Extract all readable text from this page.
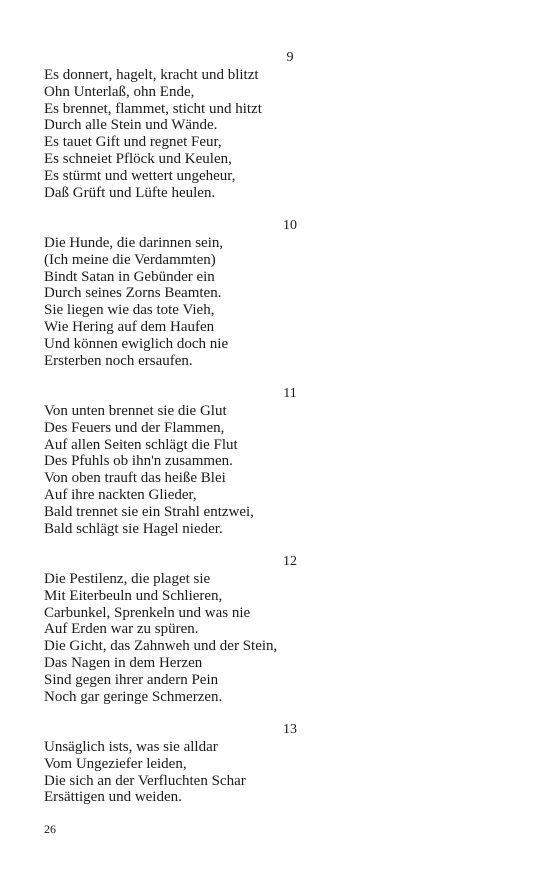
9
Es donnert, hagelt, kracht und blitzt
Ohn Unterlaß, ohn Ende,
Es brennet, flammet, sticht und hitzt
Durch alle Stein und Wände.
Es tauet Gift und regnet Feur,
Es schneiet Pflöck und Keulen,
Es stürmt und wettert ungeheur,
Daß Grüft und Lüfte heulen.
10
Die Hunde, die darinnen sein,
(Ich meine die Verdammten)
Bindt Satan in Gebünder ein
Durch seines Zorns Beamten.
Sie liegen wie das tote Vieh,
Wie Hering auf dem Haufen
Und können ewiglich doch nie
Ersterben noch ersaufen.
11
Von unten brennet sie die Glut
Des Feuers und der Flammen,
Auf allen Seiten schlägt die Flut
Des Pfuhls ob ihn'n zusammen.
Von oben trauft das heiße Blei
Auf ihre nackten Glieder,
Bald trennet sie ein Strahl entzwei,
Bald schlägt sie Hagel nieder.
12
Die Pestilenz, die plaget sie
Mit Eiterbeuln und Schlieren,
Carbunkel, Sprenkeln und was nie
Auf Erden war zu spüren.
Die Gicht, das Zahnweh und der Stein,
Das Nagen in dem Herzen
Sind gegen ihrer andern Pein
Noch gar geringe Schmerzen.
13
Unsäglich ists, was sie alldar
Vom Ungeziefer leiden,
Die sich an der Verfluchten Schar
Ersättigen und weiden.
26
